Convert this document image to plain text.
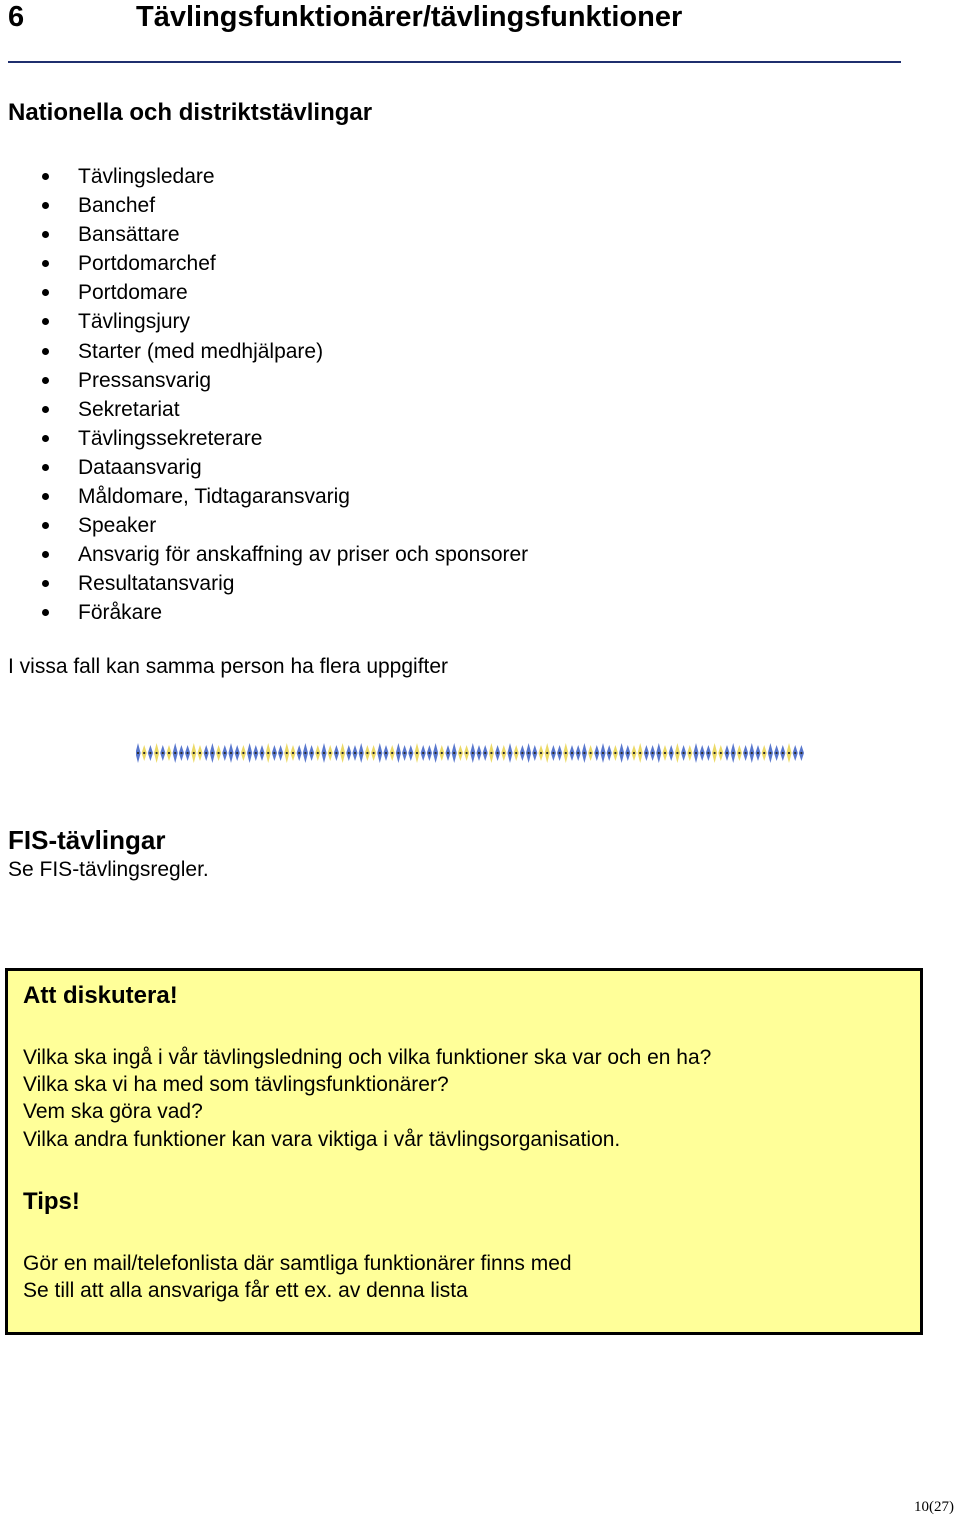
6	Tävlingsfunktionärer/tävlingsfunktioner
Nationella och distriktstävlingar
Tävlingsledare
Banchef
Bansättare
Portdomarchef
Portdomare
Tävlingsjury
Starter (med medhjälpare)
Pressansvarig
Sekretariat
Tävlingssekreterare
Dataansvarig
Måldomare, Tidtagaransvarig
Speaker
Ansvarig för anskaffning av priser och sponsorer
Resultatansvarig
Föråkare
I vissa fall kan samma person ha flera uppgifter
FIS-tävlingar
Se FIS-tävlingsregler.
Att diskutera!
Vilka ska ingå i vår tävlingsledning och vilka funktioner ska var och en ha?
Vilka ska vi ha med som tävlingsfunktionärer?
Vem ska göra vad?
Vilka andra funktioner kan vara viktiga i vår tävlingsorganisation.
Tips!
Gör en mail/telefonlista där samtliga funktionärer finns med
Se till att alla ansvariga får ett ex. av denna lista
10(27)
